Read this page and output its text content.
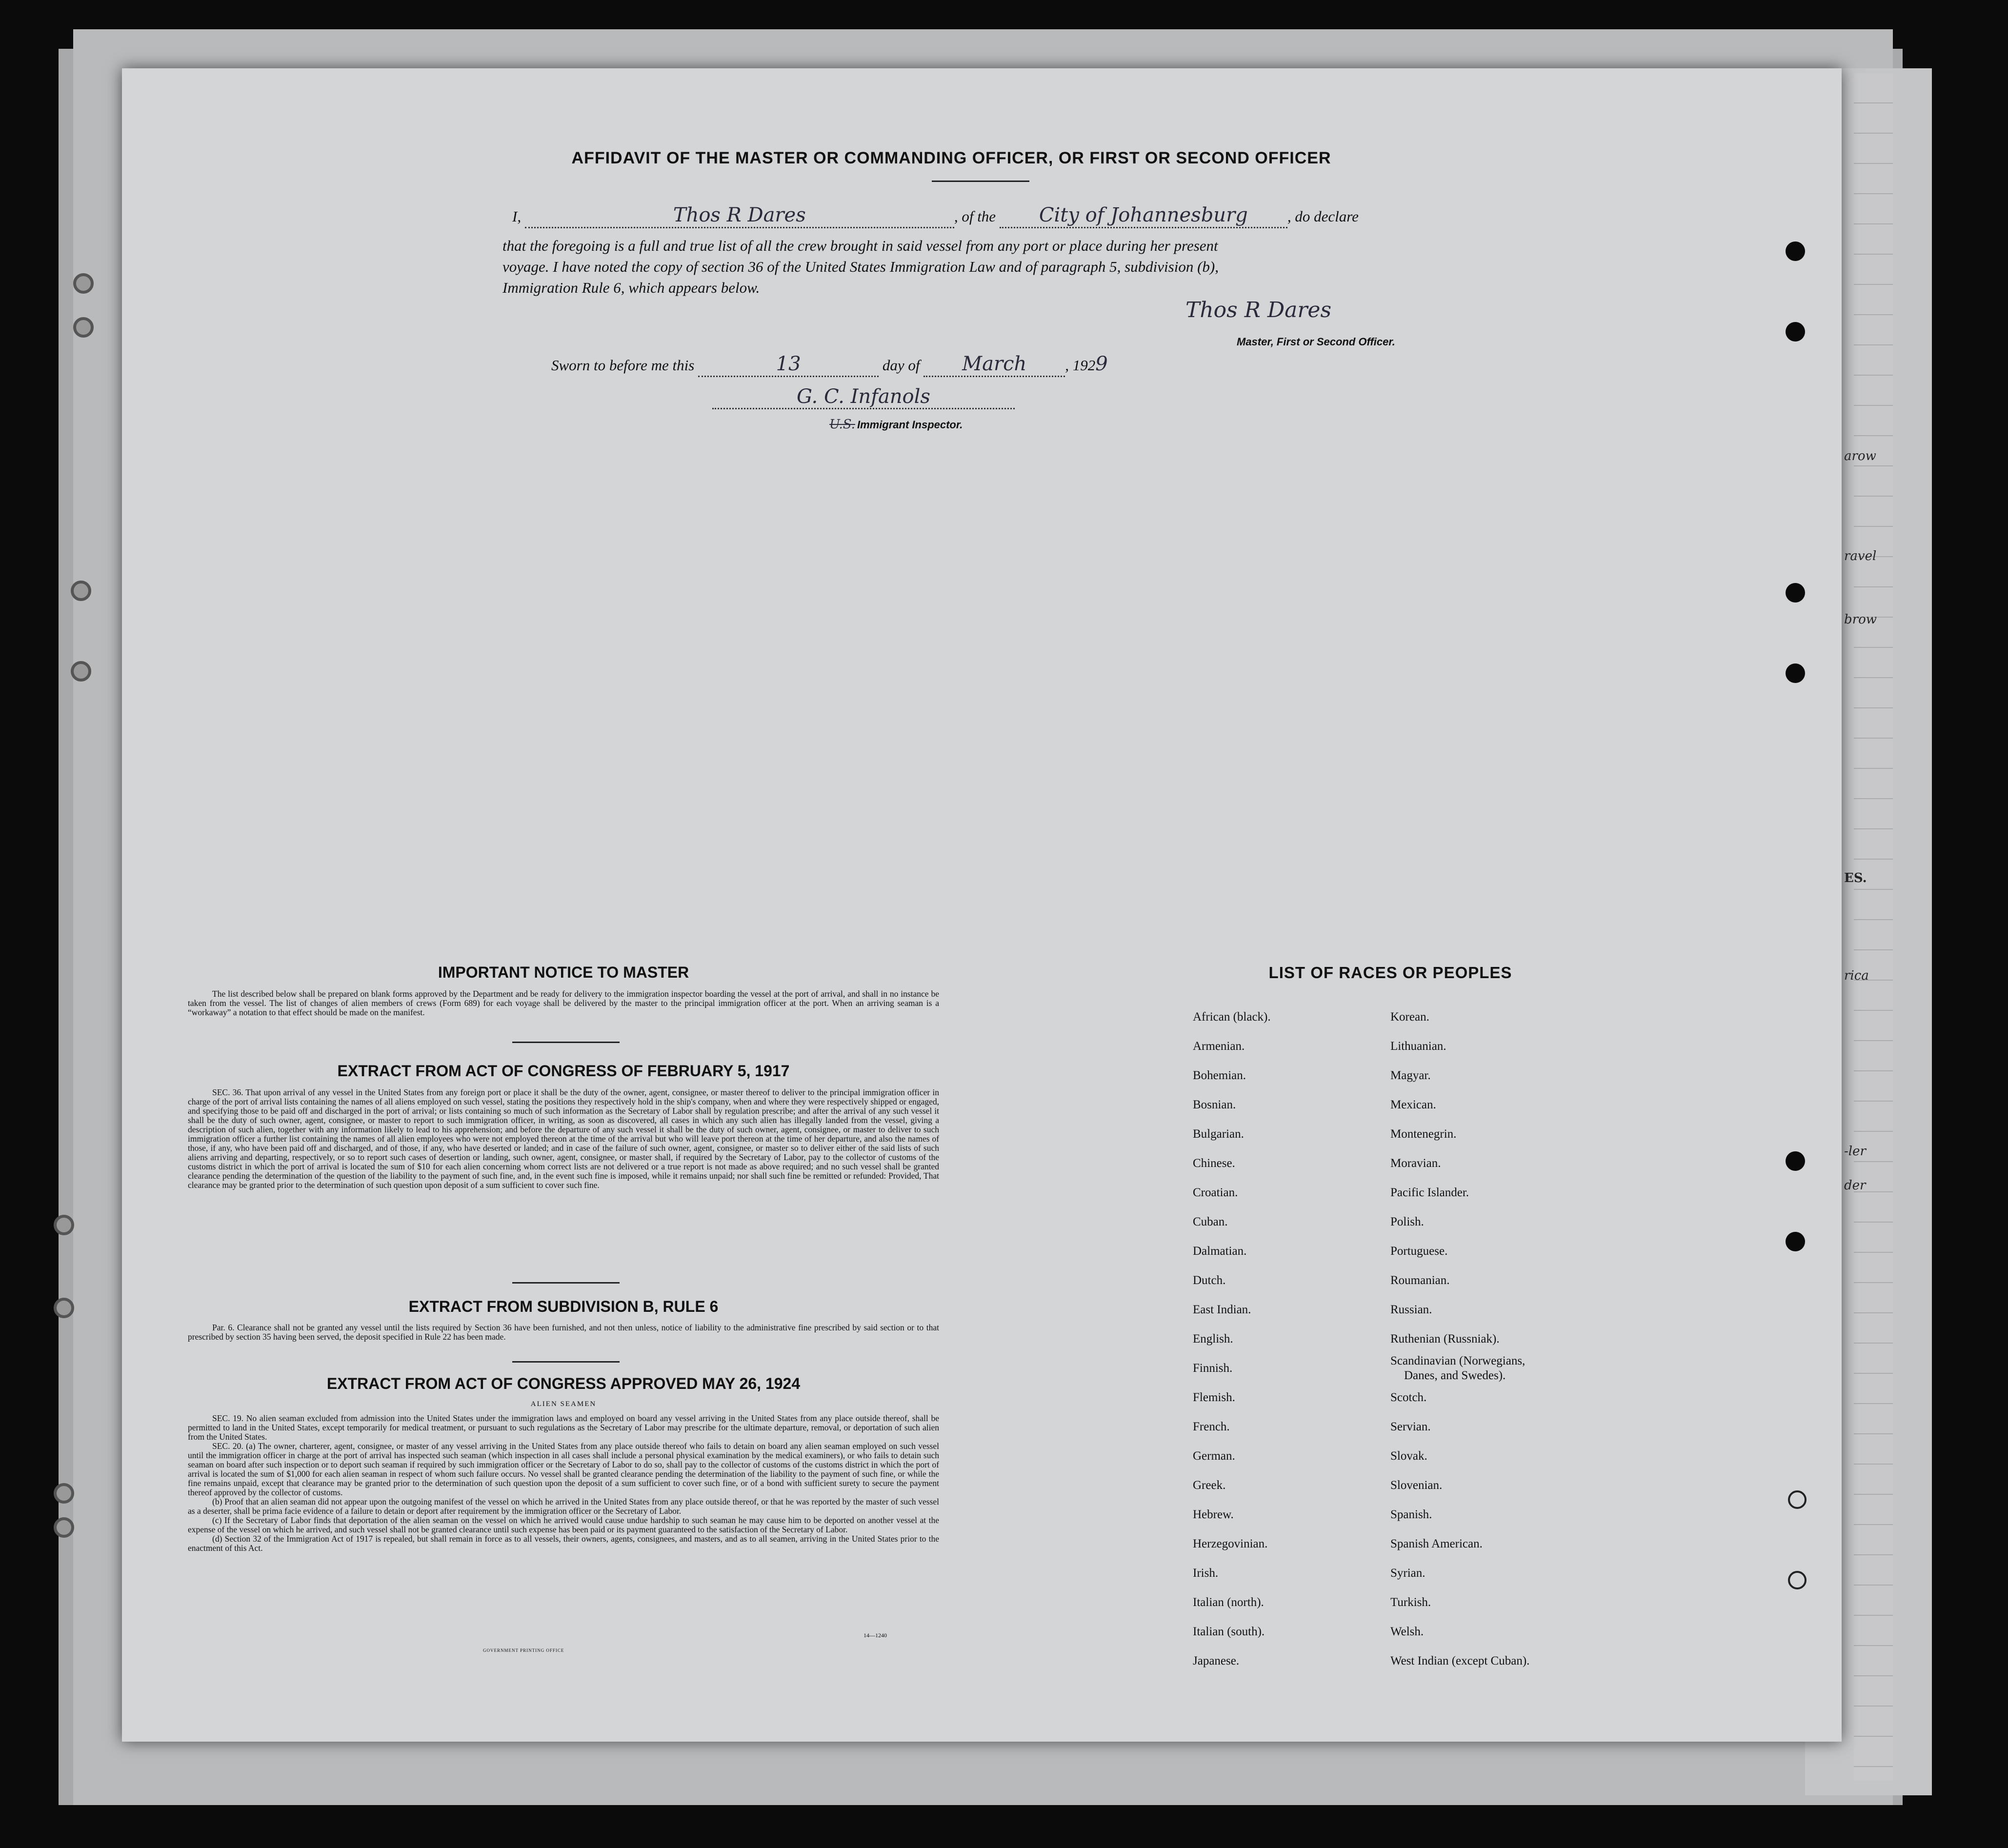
arow
ravel
brow
ES.
rica
-ler
der
AFFIDAVIT OF THE MASTER OR COMMANDING OFFICER, OR FIRST OR SECOND OFFICER
I,	Thos R Dares	, of the City of Johannesburg	, do declare
that the foregoing is a full and true list of all the crew brought in said vessel from any port or place during her present
voyage. I have noted the copy of section 36 of the United States Immigration Law and of paragraph 5, subdivision (b),
Immigration Rule 6, which appears below.
Thos R Dares
Master, First or Second Officer.
Sworn to before me this	13	day of March	, 1929
G. C. Infanols
U.S. Immigrant Inspector.
IMPORTANT NOTICE TO MASTER

The list described below shall be prepared on blank forms approved by the Department and be ready for delivery to the immigration inspector boarding the vessel at the port of arrival, and shall in no instance be taken from the vessel. The list of changes of alien members of crews (Form 689) for each voyage shall be delivered by the master to the principal immigration officer at the port. When an arriving seaman is a “workaway” a notation to that effect should be made on the manifest.

EXTRACT FROM ACT OF CONGRESS OF FEBRUARY 5, 1917

SEC. 36. That upon arrival of any vessel in the United States from any foreign port or place it shall be the duty of the owner, agent, consignee, or master thereof to deliver to the principal immigration officer in charge of the port of arrival lists containing the names of all aliens employed on such vessel, stating the positions they respectively hold in the ship's company, when and where they were respectively shipped or engaged, and specifying those to be paid off and discharged in the port of arrival; or lists containing so much of such information as the Secretary of Labor shall by regulation prescribe; and after the arrival of any such vessel it shall be the duty of such owner, agent, consignee, or master to report to such immigration officer, in writing, as soon as discovered, all cases in which any such alien has illegally landed from the vessel, giving a description of such alien, together with any information likely to lead to his apprehension; and before the departure of any such vessel it shall be the duty of such owner, agent, consignee, or master to deliver to such immigration officer a further list containing the names of all alien employees who were not employed thereon at the time of the arrival but who will leave port thereon at the time of her departure, and also the names of those, if any, who have been paid off and discharged, and of those, if any, who have deserted or landed; and in case of the failure of such owner, agent, consignee, or master so to deliver either of the said lists of such aliens arriving and departing, respectively, or so to report such cases of desertion or landing, such owner, agent, consignee, or master shall, if required by the Secretary of Labor, pay to the collector of customs of the customs district in which the port of arrival is located the sum of $10 for each alien concerning whom correct lists are not delivered or a true report is not made as above required; and no such vessel shall be granted clearance pending the determination of the question of the liability to the payment of such fine, and, in the event such fine is imposed, while it remains unpaid; nor shall such fine be remitted or refunded: Provided, That clearance may be granted prior to the determination of such question upon deposit of a sum sufficient to cover such fine.

EXTRACT FROM SUBDIVISION B, RULE 6

Par. 6. Clearance shall not be granted any vessel until the lists required by Section 36 have been furnished, and not then unless, notice of liability to the administrative fine prescribed by said section or to that prescribed by section 35 having been served, the deposit specified in Rule 22 has been made.

EXTRACT FROM ACT OF CONGRESS APPROVED MAY 26, 1924
ALIEN SEAMEN

SEC. 19. No alien seaman excluded from admission into the United States under the immigration laws and employed on board any vessel arriving in the United States from any place outside thereof, shall be permitted to land in the United States, except temporarily for medical treatment, or pursuant to such regulations as the Secretary of Labor may prescribe for the ultimate departure, removal, or deportation of such alien from the United States.

SEC. 20. (a) The owner, charterer, agent, consignee, or master of any vessel arriving in the United States from any place outside thereof who fails to detain on board any alien seaman employed on such vessel until the immigration officer in charge at the port of arrival has inspected such seaman (which inspection in all cases shall include a personal physical examination by the medical examiners), or who fails to detain such seaman on board after such inspection or to deport such seaman if required by such immigration officer or the Secretary of Labor to do so, shall pay to the collector of customs of the customs district in which the port of arrival is located the sum of $1,000 for each alien seaman in respect of whom such failure occurs. No vessel shall be granted clearance pending the determination of the liability to the payment of such fine, or while the fine remains unpaid, except that clearance may be granted prior to the determination of such question upon the deposit of a sum sufficient to cover such fine, or of a bond with sufficient surety to secure the payment thereof approved by the collector of customs.

(b) Proof that an alien seaman did not appear upon the outgoing manifest of the vessel on which he arrived in the United States from any place outside thereof, or that he was reported by the master of such vessel as a deserter, shall be prima facie evidence of a failure to detain or deport after requirement by the immigration officer or the Secretary of Labor.

(c) If the Secretary of Labor finds that deportation of the alien seaman on the vessel on which he arrived would cause undue hardship to such seaman he may cause him to be deported on another vessel at the expense of the vessel on which he arrived, and such vessel shall not be granted clearance until such expense has been paid or its payment guaranteed to the satisfaction of the Secretary of Labor.

(d) Section 32 of the Immigration Act of 1917 is repealed, but shall remain in force as to all vessels, their owners, agents, consignees, and masters, and as to all seamen, arriving in the United States prior to the enactment of this Act.

14—1240
GOVERNMENT PRINTING OFFICE
LIST OF RACES OR PEOPLES
African (black).
Armenian.
Bohemian.
Bosnian.
Bulgarian.
Chinese.
Croatian.
Cuban.
Dalmatian.
Dutch.
East Indian.
English.
Finnish.
Flemish.
French.
German.
Greek.
Hebrew.
Herzegovinian.
Irish.
Italian (north).
Italian (south).
Japanese.
Korean.
Lithuanian.
Magyar.
Mexican.
Montenegrin.
Moravian.
Pacific Islander.
Polish.
Portuguese.
Roumanian.
Russian.
Ruthenian (Russniak).
Scandinavian (Norwegians,
Danes, and Swedes).
Scotch.
Servian.
Slovak.
Slovenian.
Spanish.
Spanish American.
Syrian.
Turkish.
Welsh.
West Indian (except Cuban).
